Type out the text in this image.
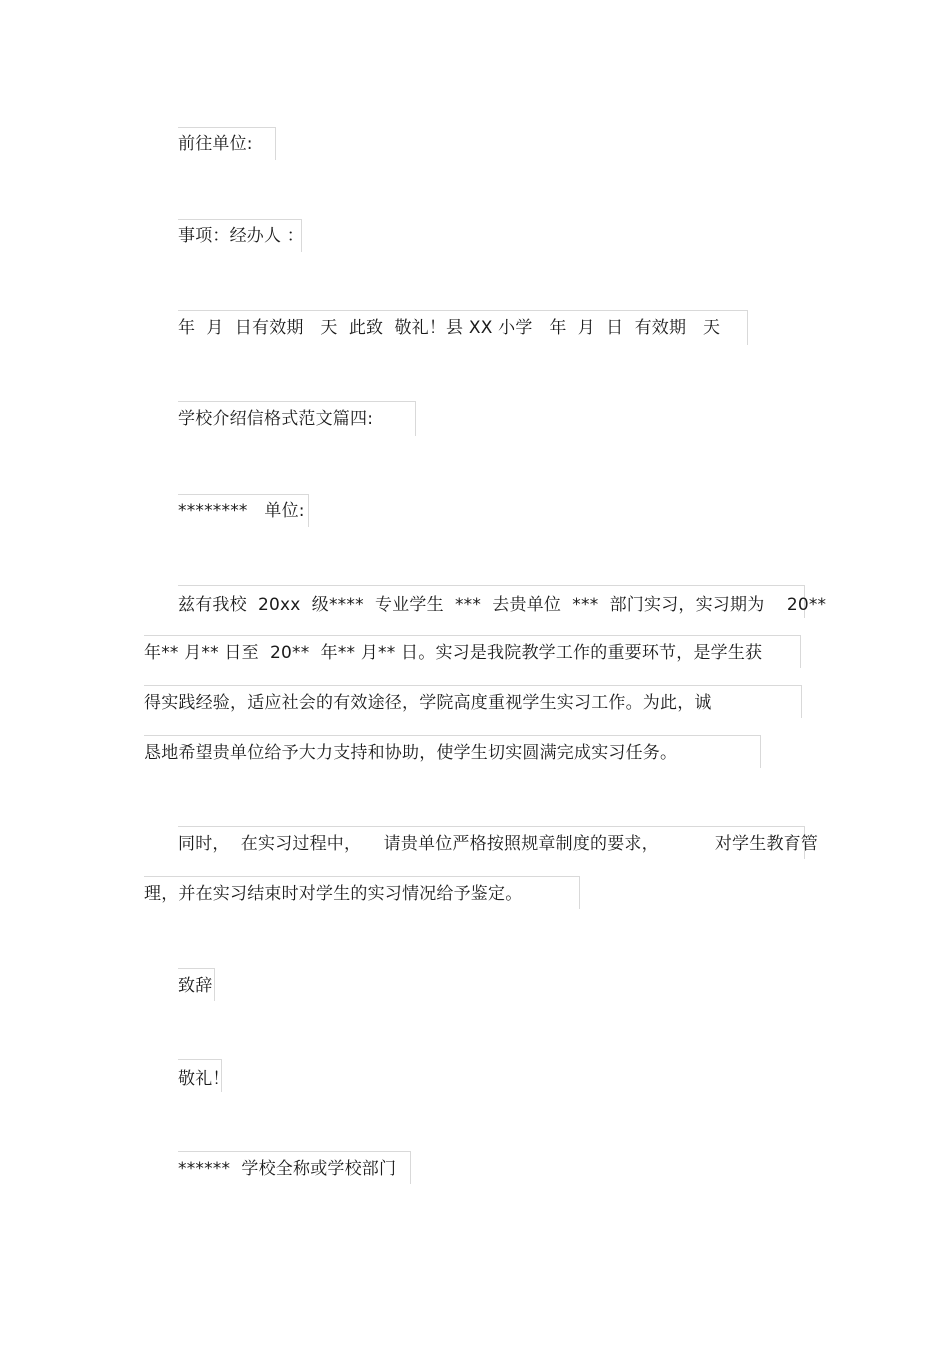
前往单位:
事项：经办人 ：
年  月  日有效期   天  此致  敬礼！县 XX 小学   年  月  日  有效期   天
学校介绍信格式范文篇四:
********   单位:
兹有我校  20xx  级****  专业学生  ***  去贵单位  ***  部门实习，实习期为    20**
年** 月** 日至  20**  年** 月** 日。实习是我院教学工作的重要环节，是学生获
得实践经验，适应社会的有效途径，学院高度重视学生实习工作。为此，诚
恳地希望贵单位给予大力支持和协助，使学生切实圆满完成实习任务。
同时，  在实习过程中，    请贵单位严格按照规章制度的要求，          对学生教育管
理，并在实习结束时对学生的实习情况给予鉴定。
致辞
敬礼！
******  学校全称或学校部门
